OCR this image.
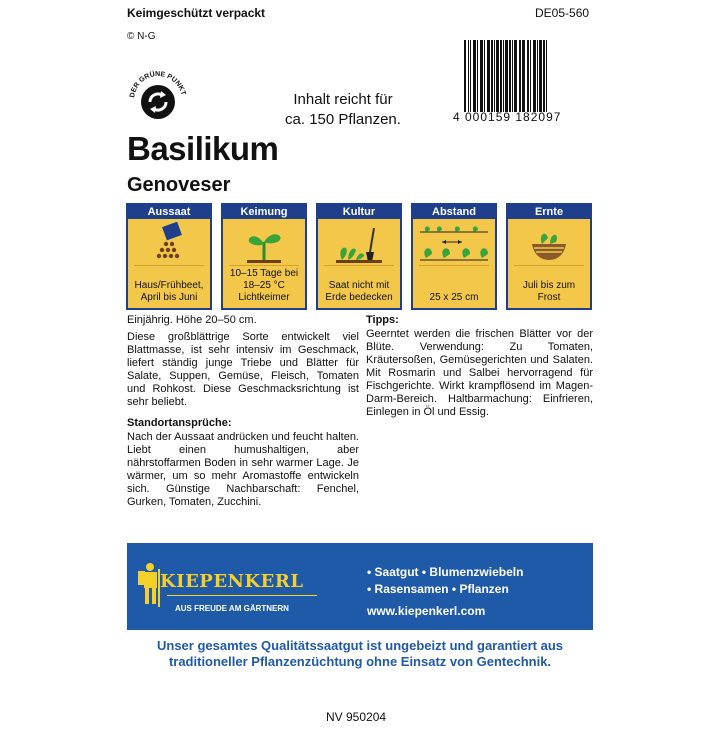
Keimgeschützt verpackt	DE05-560
© N-G
DER GRÜNE PUNKT	Inhalt reicht für
ca. 150 Pflanzen.	4 000159 182097
Basilikum
Genoveser
Aussaat
Haus/Frühbeet, April bis Juni
Keimung
10–15 Tage bei 18–25 °C Lichtkeimer
Kultur
Saat nicht mit Erde bedecken
Abstand
25 x 25 cm
Ernte
Juli bis zum Frost

Einjährig. Höhe 20–50 cm.

Diese großblättrige Sorte entwickelt viel Blattmasse, ist sehr intensiv im Geschmack, liefert ständig junge Triebe und Blätter für Salate, Suppen, Gemüse, Fleisch, Tomaten und Rohkost. Diese Geschmacksrichtung ist sehr beliebt.

Standortansprüche:

Nach der Aussaat andrücken und feucht halten. Liebt einen humushaltigen, aber nährstoffarmen Boden in sehr warmer Lage. Je wärmer, um so mehr Aromastoffe entwickeln sich. Günstige Nachbarschaft: Fenchel, Gurken, Tomaten, Zucchini.

Tipps:

Geerntet werden die frischen Blätter vor der Blüte. Verwendung: Zu Tomaten, Kräutersoßen, Gemüsegerichten und Salaten. Mit Rosmarin und Salbei hervorragend für Fischgerichte. Wirkt krampflösend im Magen-Darm-Bereich. Haltbarmachung: Einfrieren, Einlegen in Öl und Essig.

KIEPENKERL
AUS FREUDE AM GÄRTNERN
• Saatgut • Blumenzwiebeln
• Rasensamen • Pflanzen
www.kiepenkerl.com
Unser gesamtes Qualitätssaatgut ist ungebeizt und garantiert aus
traditioneller Pflanzenzüchtung ohne Einsatz von Gentechnik.
NV 950204
